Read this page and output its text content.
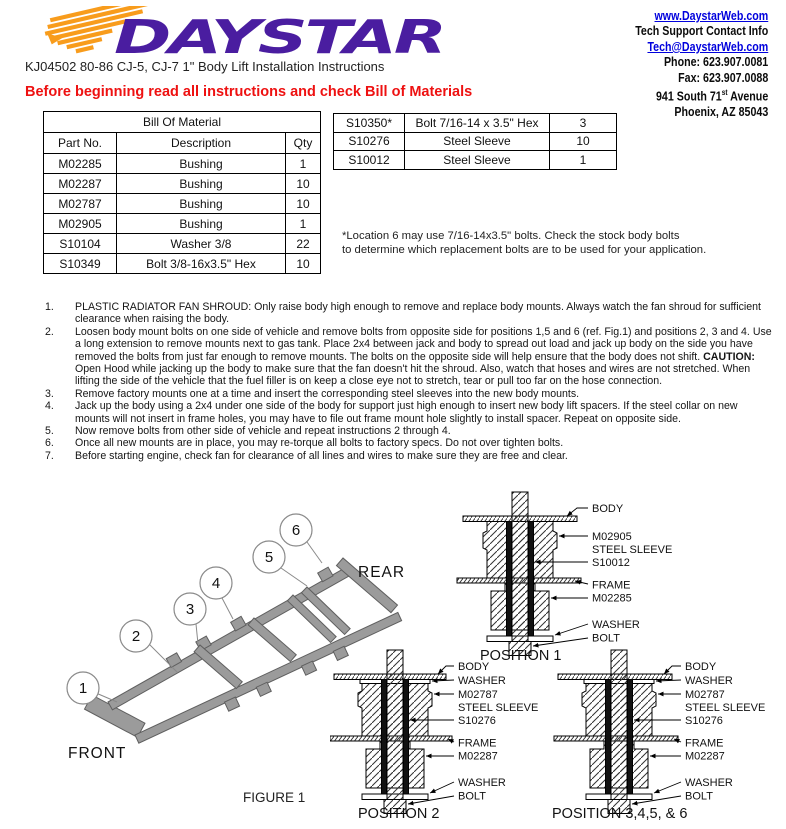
DAYSTAR
KJ04502 80-86 CJ-5, CJ-7 1" Body Lift Installation Instructions
Before beginning read all instructions and check Bill of Materials
www.DaystarWeb.com
Tech Support Contact Info
Tech@DaystarWeb.com
Phone: 623.907.0081
Fax: 623.907.0088
941 South 71st Avenue
Phoenix, AZ 85043
Bill Of Material		
Part No.	Description	Qty
M02285	Bushing	1
M02287	Bushing	10
M02787	Bushing	10
M02905	Bushing	1
S10104	Washer 3/8	22
S10349	Bolt 3/8-16x3.5" Hex	10
S10350*	Bolt 7/16-14 x 3.5" Hex	3
S10276	Steel Sleeve	10
S10012	Steel Sleeve	1
*Location 6 may use 7/16-14x3.5" bolts. Check the stock body bolts
to determine which replacement bolts are to be used for your application.
1.	PLASTIC RADIATOR FAN SHROUD: Only raise body high enough to remove and replace body mounts. Always watch the fan shroud for sufficient clearance when raising the body.
2.	Loosen body mount bolts on one side of vehicle and remove bolts from opposite side for positions 1,5 and 6 (ref. Fig.1) and positions 2, 3 and 4. Use a long extension to remove mounts next to gas tank. Place 2x4 between jack and body to spread out load and jack up body on the side you have removed the bolts from just far enough to remove mounts. The bolts on the opposite side will help ensure that the body does not shift. CAUTION: Open Hood while jacking up the body to make sure that the fan doesn't hit the shroud. Also, watch that hoses and wires are not stretched. When lifting the side of the vehicle that the fuel filler is on keep a close eye not to stretch, tear or pull too far on the hose connection.
3.	Remove factory mounts one at a time and insert the corresponding steel sleeves into the new body mounts.
4.	Jack up the body using a 2x4 under one side of the body for support just high enough to insert new body lift spacers. If the steel collar on new mounts will not insert in frame holes, you may have to file out frame mount hole slightly to install spacer. Repeat on opposite side.
5.	Now remove bolts from other side of vehicle and repeat instructions 2 through 4.
6.	Once all new mounts are in place, you may re-torque all bolts to factory specs. Do not over tighten bolts.
7.	Before starting engine, check fan for clearance of all lines and wires to make sure they are free and clear.
1
2
3
4
5
6
REAR
FRONT
FIGURE 1
BODY
M02905
STEEL SLEEVE
S10012
FRAME
M02285
WASHER
BOLT
POSITION 1
BODY
WASHER
M02787
STEEL SLEEVE
S10276
FRAME
M02287
WASHER
BOLT
POSITION 2
BODY
WASHER
M02787
STEEL SLEEVE
S10276
FRAME
M02287
WASHER
BOLT
POSITION 3,4,5, & 6
